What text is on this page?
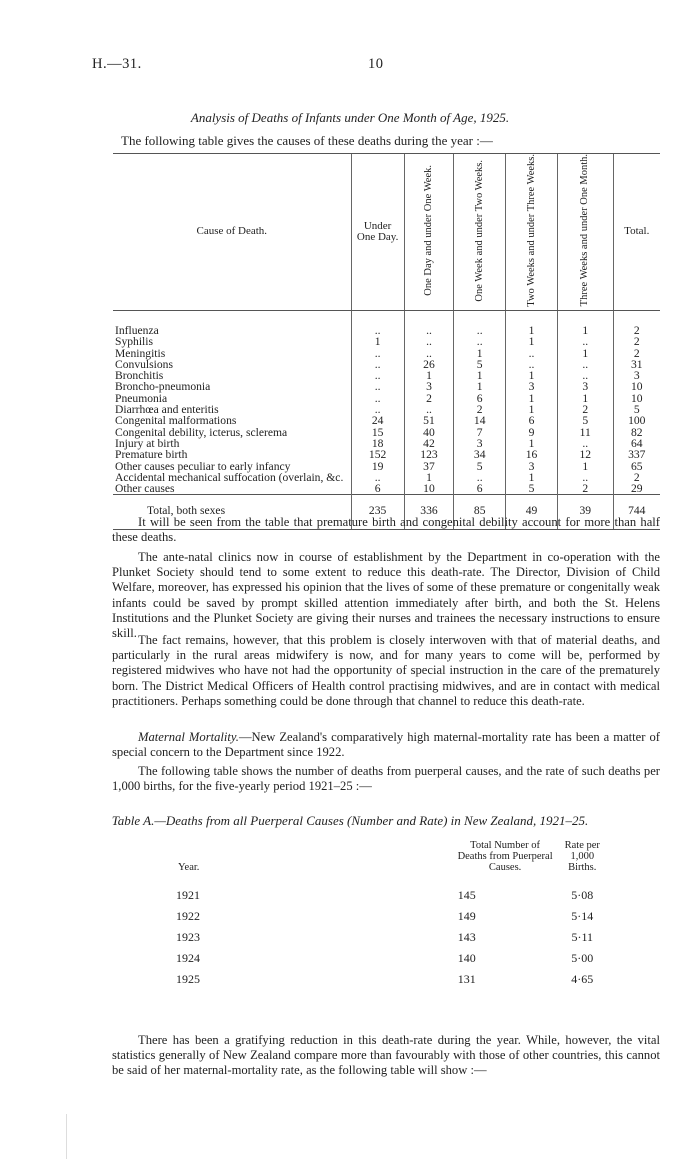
H.—31.	10
Analysis of Deaths of Infants under One Month of Age, 1925.
The following table gives the causes of these deaths during the year :—
Cause of Death.	Under One Day.	One Day and under One Week.	One Week and under Two Weeks.	Two Weeks and under Three Weeks.	Three Weeks and under One Month.	Total.
Influenza	..	..	..	1	1	2
Syphilis	1	..	..	1	..	2
Meningitis	..	..	1	..	1	2
Convulsions	..	26	5	..	..	31
Bronchitis	..	1	1	1	..	3
Broncho-pneumonia	..	3	1	3	3	10
Pneumonia	..	2	6	1	1	10
Diarrhœa and enteritis	..	..	2	1	2	5
Congenital malformations	24	51	14	6	5	100
Congenital debility, icterus, sclerema	15	40	7	9	11	82
Injury at birth	18	42	3	1	..	64
Premature birth	152	123	34	16	12	337
Other causes peculiar to early infancy	19	37	5	3	1	65
Accidental mechanical suffocation (overlain, &c.	..	1	..	1	..	2
Other causes	6	10	6	5	2	29
Total, both sexes	235	336	85	49	39	744
It will be seen from the table that premature birth and congenital debility account for more than half these deaths.
The ante-natal clinics now in course of establishment by the Department in co-operation with the Plunket Society should tend to some extent to reduce this death-rate. The Director, Division of Child Welfare, moreover, has expressed his opinion that the lives of some of these premature or congenitally weak infants could be saved by prompt skilled attention immediately after birth, and both the St. Helens Institutions and the Plunket Society are giving their nurses and trainees the necessary instructions to ensure skill. The fact remains, however, that this problem is closely interwoven with that of material deaths, and particularly in the rural areas midwifery is now, and for many years to come will be, performed by registered midwives who have not had the opportunity of special instruction in the care of the prematurely born. The District Medical Officers of Health control practising midwives, and are in contact with medical practitioners. Perhaps something could be done through that channel to reduce this death-rate.
Maternal Mortality.—New Zealand's comparatively high maternal-mortality rate has been a matter of special concern to the Department since 1922.
The following table shows the number of deaths from puerperal causes, and the rate of such deaths per 1,000 births, for the five-yearly period 1921–25 :—
Table A.—Deaths from all Puerperal Causes (Number and Rate) in New Zealand, 1921–25.
Year.	Total Number of Deaths from Puerperal Causes.	Rate per 1,000 Births.
1921	145	5·08
1922	149	5·14
1923	143	5·11
1924	140	5·00
1925	131	4·65
There has been a gratifying reduction in this death-rate during the year. While, however, the vital statistics generally of New Zealand compare more than favourably with those of other countries, this cannot be said of her maternal-mortality rate, as the following table will show :—
